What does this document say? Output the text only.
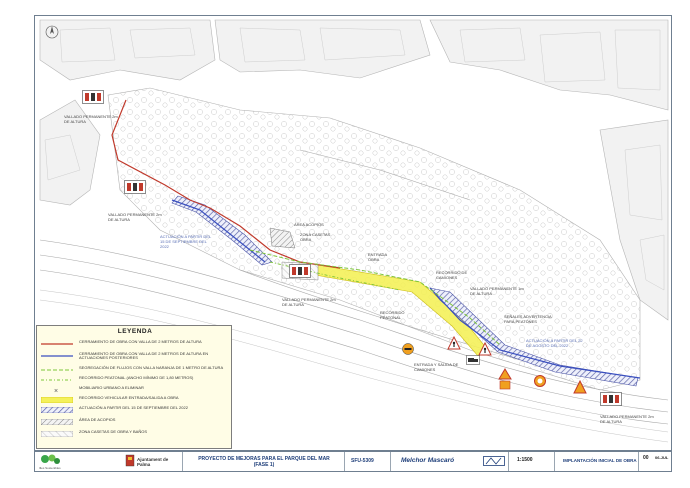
VALLADO PERMANENTE 2m DE ALTURA
VALLADO PERMANENTE 2m DE ALTURA
VALLADO PERMANENTE 2m DE ALTURA
VALLADO PERMANENTE 2m DE ALTURA
VALLADO PERMANENTE 1m DE ALTURA
ACTUACIÓN A PARTIR DEL 15 DE SEPTIEMBRE DEL 2022
ACTUACIÓN A PARTIR DEL 22 DE AGOSTO DEL 2022
ÁREA ACOPIOS
ZONA CASETAS OBRA
ENTRADA OBRA
RECORRIDO DE CAMIONES
RECORRIDO PEATONAL	SEÑALES ADVERTENCIA PARA PEATONES
ENTRADA Y SALIDA DE CAMIONES
LEYENDA
CERRAMIENTO DE OBRA CON VALLA DE 2 METROS DE ALTURA
CERRAMIENTO DE OBRA CON VALLA DE 2 METROS DE ALTURA EN ACTUACIONES POSTERIORES
SEGREGACIÓN DE FLUJOS CON VALLA NARANJA DE 1 METRO DE ALTURA
RECORRIDO PEATONAL (ANCHO MÍNIMO DE 1,80 METROS)
×
MOBILIARIO URBANO A ELIMINAR
RECORRIDO VEHICULAR ENTRADA/SALIDA A OBRA
ACTUACIÓN A PARTIR DEL 15 DE SEPTIEMBRE DEL 2022
ÁREA DE ACOPIOS
ZONA CASETAS DE OBRA Y BAÑOS
Illes Sostenibles
Ajuntament de Palma
PROYECTO DE MEJORAS PARA EL PARQUE DEL MAR (FASE 1)
SFU-5309	Melchor Mascaró	1:1500	IMPLANTACIÓN INICIAL DE OBRA 00 06-JUL
